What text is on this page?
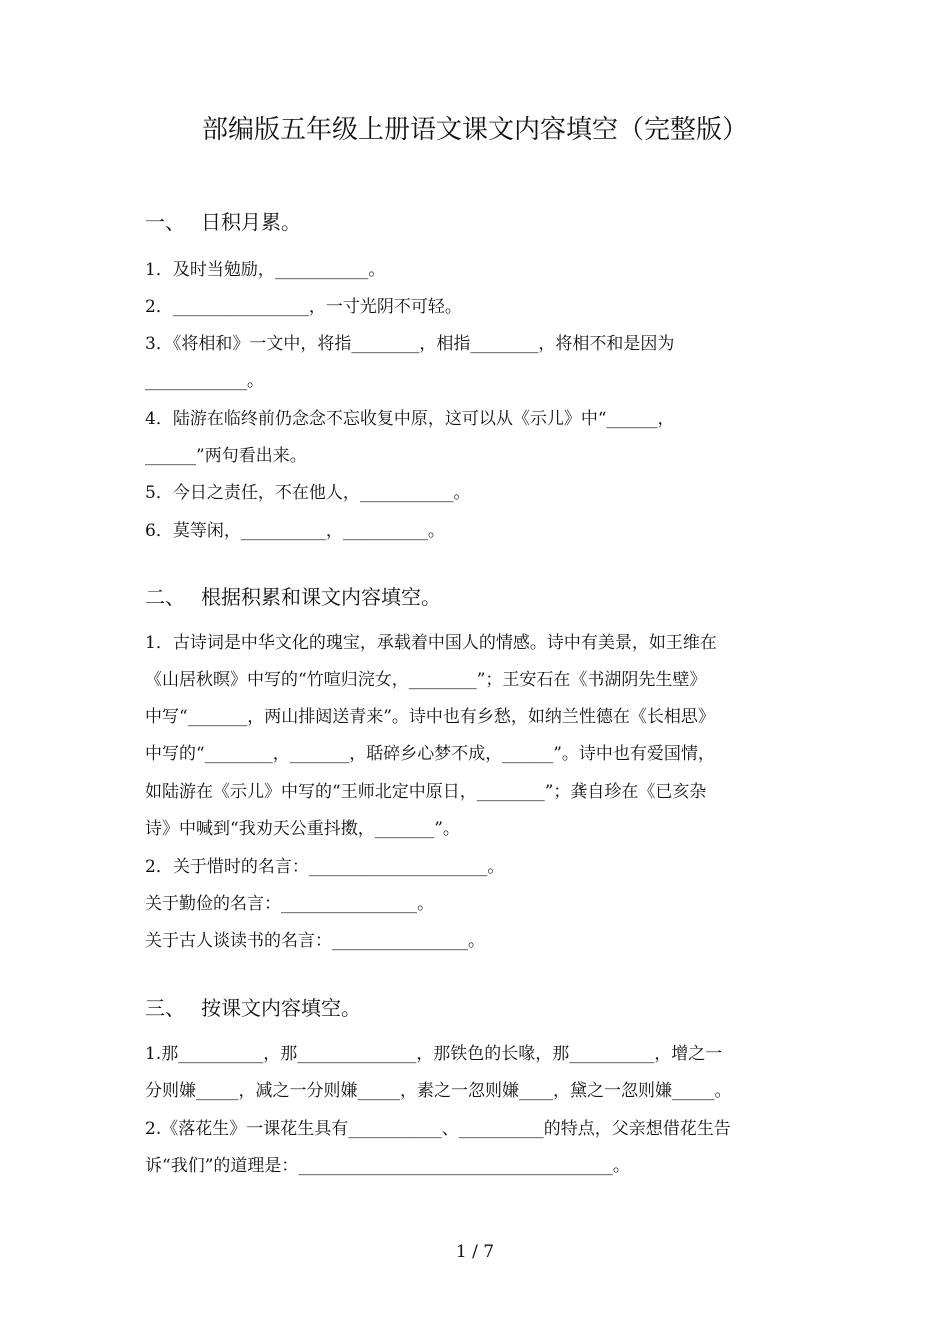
部编版五年级上册语文课文内容填空（完整版）
一、 日积月累。
1．及时当勉励，___________。
2．________________，一寸光阴不可轻。
3．《将相和》一文中，将指________，相指________，将相不和是因为
____________。
4．陆游在临终前仍念念不忘收复中原，这可以从《示儿》中“______，
______”两句看出来。
5．今日之责任，不在他人，___________。
6．莫等闲，__________，__________。
二、 根据积累和课文内容填空。
1．古诗词是中华文化的瑰宝，承载着中国人的情感。诗中有美景，如王维在
《山居秋暝》中写的“竹喧归浣女，________”；王安石在《书湖阴先生壁》
中写“_______，两山排闼送青来”。诗中也有乡愁，如纳兰性德在《长相思》
中写的“________，_______，聒碎乡心梦不成，______”。诗中也有爱国情，
如陆游在《示儿》中写的“王师北定中原日，________”；龚自珍在《已亥杂
诗》中喊到“我劝天公重抖擞，_______”。
2．关于惜时的名言：_____________________。
关于勤俭的名言：________________。
关于古人谈读书的名言：________________。
三、 按课文内容填空。
1.那__________，那______________，那铁色的长喙，那__________，增之一
分则嫌_____，减之一分则嫌_____，素之一忽则嫌____，黛之一忽则嫌_____。
2.《落花生》一课花生具有___________、__________的特点，父亲想借花生告
诉“我们”的道理是：_____________________________________。
1 / 7
